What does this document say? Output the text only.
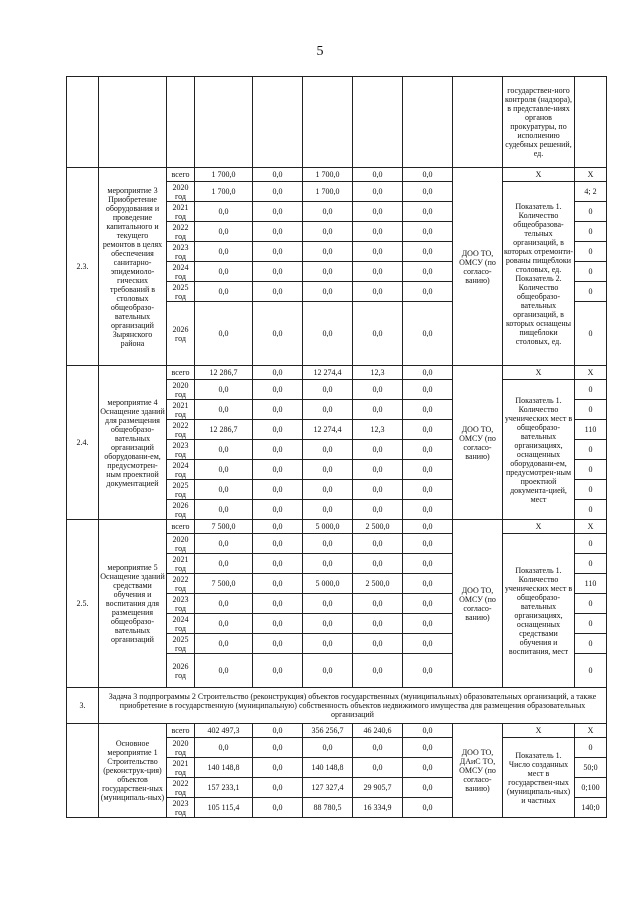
5
									государствен-ного контроля (надзора), в представле-ниях органов прокуратуры, по исполнению судебных решений, ед.	
2.3.	мероприятие 3 Приобретение оборудования и проведение капитального и текущего ремонтов в целях обеспечения санитарно-эпидемиоло-гических требований в столовых общеобразо-вательных организаций Зырянского района	всего	1 700,0	0,0	1 700,0	0,0	0,0	ДОО ТО, ОМСУ (по согласо-ванию)	Х	Х
		2020 год	1 700,0	0,0	1 700,0	0,0	0,0		Показатель 1. Количество общеобразова-тельных организаций, в которых отремонти-рованы пищеблоки столовых, ед. Показатель 2. Количество общеобразо-вательных организаций, в которых оснащены пищеблоки столовых, ед.	4; 2
		2021 год	0,0	0,0	0,0	0,0	0,0			0
		2022 год	0,0	0,0	0,0	0,0	0,0			0
		2023 год	0,0	0,0	0,0	0,0	0,0			0
		2024 год	0,0	0,0	0,0	0,0	0,0			0
		2025 год	0,0	0,0	0,0	0,0	0,0			0
		2026 год	0,0	0,0	0,0	0,0	0,0			0
2.4.	мероприятие 4 Оснащение зданий для размещения общеобразо-вательных организаций оборудовани-ем, предусмотрен-ным проектной документацией	всего	12 286,7	0,0	12 274,4	12,3	0,0	ДОО ТО, ОМСУ (по согласо-ванию)	Х	Х
		2020 год	0,0	0,0	0,0	0,0	0,0		Показатель 1. Количество ученических мест в общеобразо-вательных организациях, оснащенных оборудовани-ем, предусмотрен-ным проектной документа-цией, мест	0
		2021 год	0,0	0,0	0,0	0,0	0,0			0
		2022 год	12 286,7	0,0	12 274,4	12,3	0,0			110
		2023 год	0,0	0,0	0,0	0,0	0,0			0
		2024 год	0,0	0,0	0,0	0,0	0,0			0
		2025 год	0,0	0,0	0,0	0,0	0,0			0
		2026 год	0,0	0,0	0,0	0,0	0,0			0
2.5.	мероприятие 5 Оснащение зданий средствами обучения и воспитания для размещения общеобразо-вательных организаций	всего	7 500,0	0,0	5 000,0	2 500,0	0,0	ДОО ТО, ОМСУ (по согласо-ванию)	Х	Х
		2020 год	0,0	0,0	0,0	0,0	0,0		Показатель 1. Количество ученических мест в общеобразо-вательных организациях, оснащенных средствами обучения и воспитания, мест	0
		2021 год	0,0	0,0	0,0	0,0	0,0			0
		2022 год	7 500,0	0,0	5 000,0	2 500,0	0,0			110
		2023 год	0,0	0,0	0,0	0,0	0,0			0
		2024 год	0,0	0,0	0,0	0,0	0,0			0
		2025 год	0,0	0,0	0,0	0,0	0,0			0
		2026 год	0,0	0,0	0,0	0,0	0,0			0
3.	Задача 3 подпрограммы 2 Строительство (реконструкция) объектов государственных (муниципальных) образовательных организаций, а также приобретение в государственную (муниципальную) собственность объектов недвижимого имущества для размещения образовательных организаций									
	Основное мероприятие 1 Строительство (реконструк-ция) объектов государствен-ных (муниципаль-ных)	всего	402 497,3	0,0	356 256,7	46 240,6	0,0	ДОО ТО, ДАиС ТО, ОМСУ (по согласо-ванию)	Х	Х
		2020 год	0,0	0,0	0,0	0,0	0,0		Показатель 1. Число созданных мест в государствен-ных (муниципаль-ных) и частных	0
		2021 год	140 148,8	0,0	140 148,8	0,0	0,0			50;0
		2022 год	157 233,1	0,0	127 327,4	29 905,7	0,0			0;100
		2023 год	105 115,4	0,0	88 780,5	16 334,9	0,0			140;0
